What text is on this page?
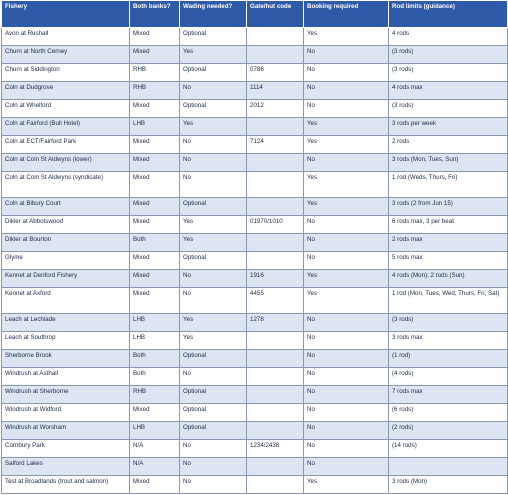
Fishery	Both banks?	Wading needed?	Gate/hut code	Booking required	Rod limits (guidance)
Avon at Rushall	Mixed	Optional		Yes	4 rods
Churn at North Cerney	Mixed	Yes		No	(3 rods)
Churn at Siddington	RHB	Optional	0786	No	(3 rods)
Coln at Dudgrove	RHB	No	1114	No	4 rods max
Coln at Whelford	Mixed	Optional	2012	No	(3 rods)
Coln at Fairford (Bull Hotel)	LHB	Yes		Yes	3 rods per week
Coln at ECT/Fairford Park	Mixed	No	7124	Yes	2 rods
Coln at Coln St Aldwyns (lower)	Mixed	No		No	3 rods (Mon, Tues, Sun)
Coln at Coln St Aldwyns (syndicate)	Mixed	No		Yes	1 rod (Weds, Thurs, Fri)
Coln at Bibury Court	Mixed	Optional		Yes	3 rods (2 from Jun 15)
Dikler at Abbotswood	Mixed	Yes	01970/1010	No	6 rods max, 3 per beat
Dikler at Bourton	Both	Yes		No	2 rods max
Glyme	Mixed	Optional		No	5 rods max
Kennet at Denford Fishery	Mixed	No	1916	Yes	4 rods (Mon); 2 rods (Sun)
Kennet at Axford	Mixed	No	4455	Yes	1 rod (Mon, Tues, Wed, Thurs, Fri, Sat)
Leach at Lechlade	LHB	Yes	1278	No	(3 rods)
Leach at Southrop	LHB	Yes		No	3 rods max
Sherborne Brook	Both	Optional		No	(1 rod)
Windrush at Asthall	Both	No		No	(4 rods)
Windrush at Sherborne	RHB	Optional		No	7 rods max
Windrush at Widford	Mixed	Optional		No	(6 rods)
Windrush at Worsham	LHB	Optional		No	(2 rods)
Cornbury Park	N/A	No	1234/2438	No	(14 rods)
Salford Lakes	N/A	No		No	
Test at Broadlands (trout and salmon)	Mixed	No		Yes	3 rods (Mon)
